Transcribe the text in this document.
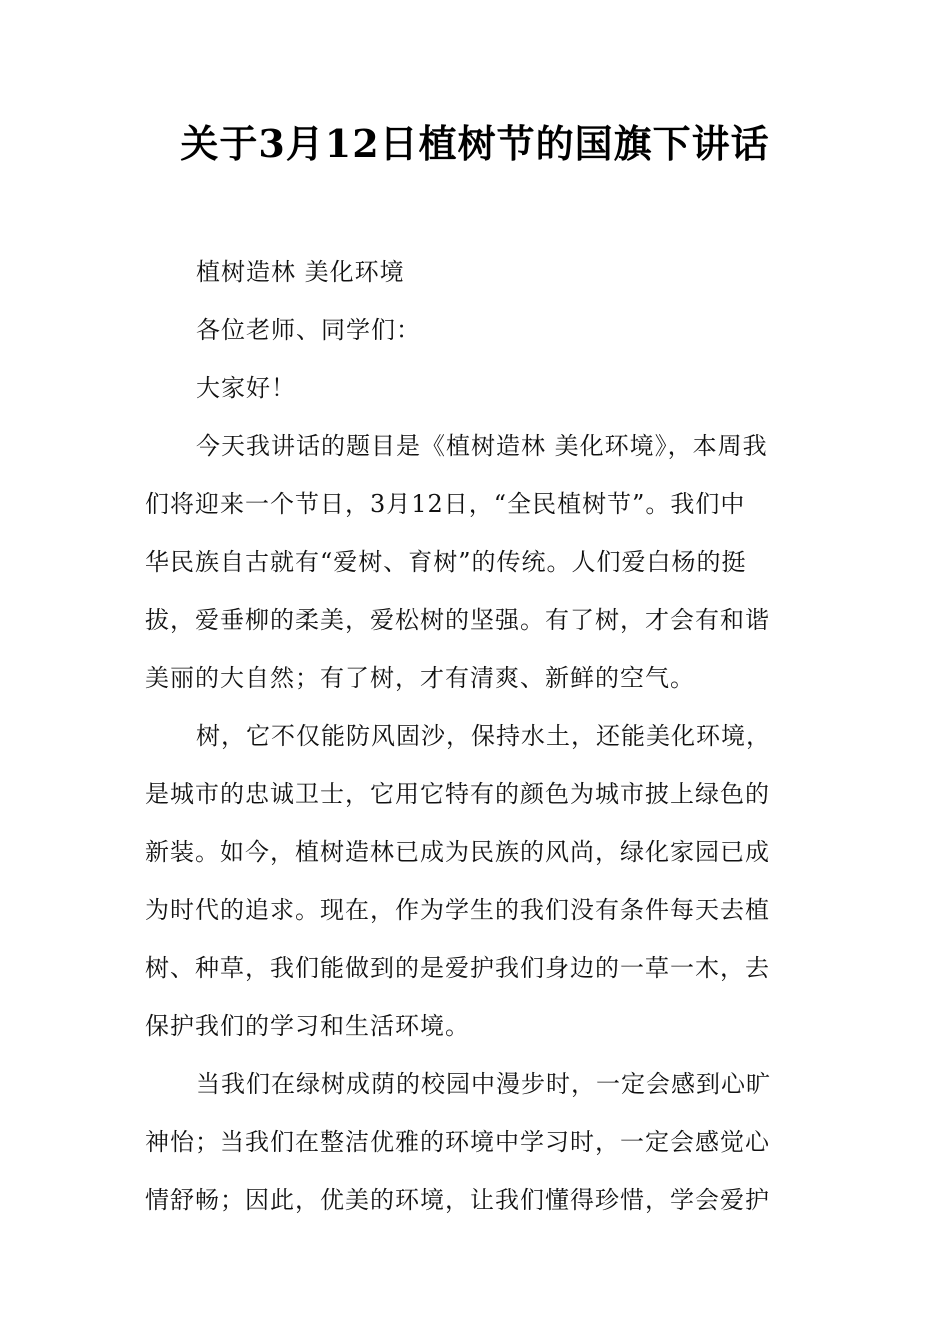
关于3月12日植树节的国旗下讲话
植树造林 美化环境
各位老师、同学们：
大家好！
今天我讲话的题目是《植树造林 美化环境》，本周我
们将迎来一个节日，3月12日，“全民植树节”。我们中
华民族自古就有“爱树、育树”的传统。人们爱白杨的挺
拔，爱垂柳的柔美，爱松树的坚强。有了树，才会有和谐
美丽的大自然；有了树，才有清爽、新鲜的空气。
树，它不仅能防风固沙，保持水土，还能美化环境，
是城市的忠诚卫士，它用它特有的颜色为城市披上绿色的
新装。如今，植树造林已成为民族的风尚，绿化家园已成
为时代的追求。现在，作为学生的我们没有条件每天去植
树、种草，我们能做到的是爱护我们身边的一草一木，去
保护我们的学习和生活环境。
当我们在绿树成荫的校园中漫步时，一定会感到心旷
神怡；当我们在整洁优雅的环境中学习时，一定会感觉心
情舒畅；因此，优美的环境，让我们懂得珍惜，学会爱护
